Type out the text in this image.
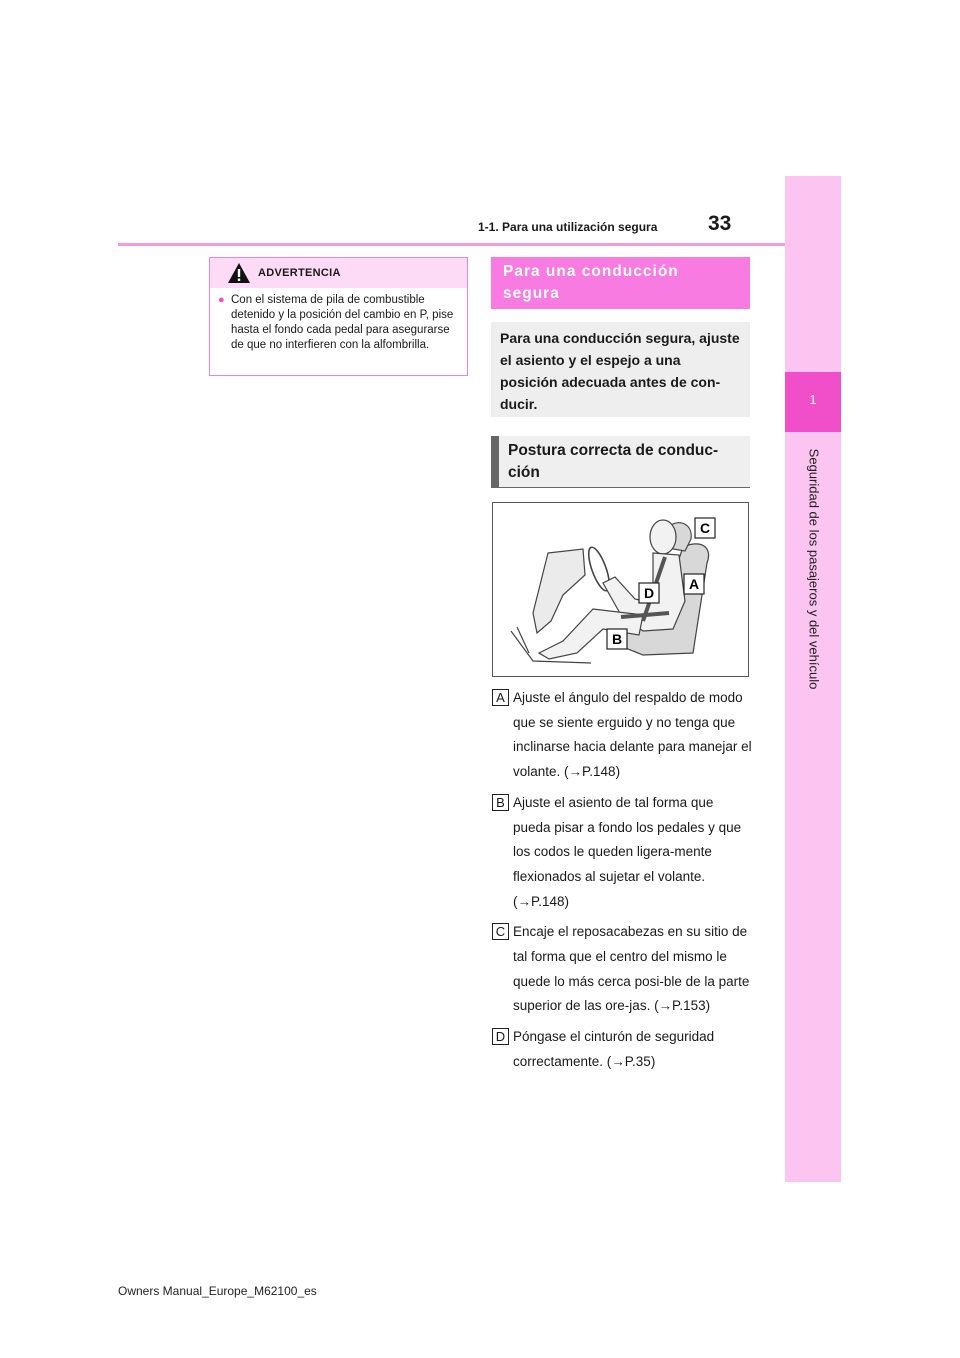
1
Seguridad de los pasajeros y del vehículo
33
1-1. Para una utilización segura
ADVERTENCIA
● Con el sistema de pila de combustible detenido y la posición del cambio en P, pise hasta el fondo cada pedal para asegurarse de que no interfieren con la alfombrilla.
Para una conducción segura
Para una conducción segura, ajuste el asiento y el espejo a una posición adecuada antes de con-ducir.
Postura correcta de conduc-ción
C
A
D
B
A Ajuste el ángulo del respaldo de modo que se siente erguido y no tenga que inclinarse hacia delante para manejar el volante. (→P.148)
B Ajuste el asiento de tal forma que pueda pisar a fondo los pedales y que los codos le queden ligera-mente flexionados al sujetar el volante. (→P.148)
C Encaje el reposacabezas en su sitio de tal forma que el centro del mismo le quede lo más cerca posi-ble de la parte superior de las ore-jas. (→P.153)
D Póngase el cinturón de seguridad correctamente. (→P.35)
Owners Manual_Europe_M62100_es
